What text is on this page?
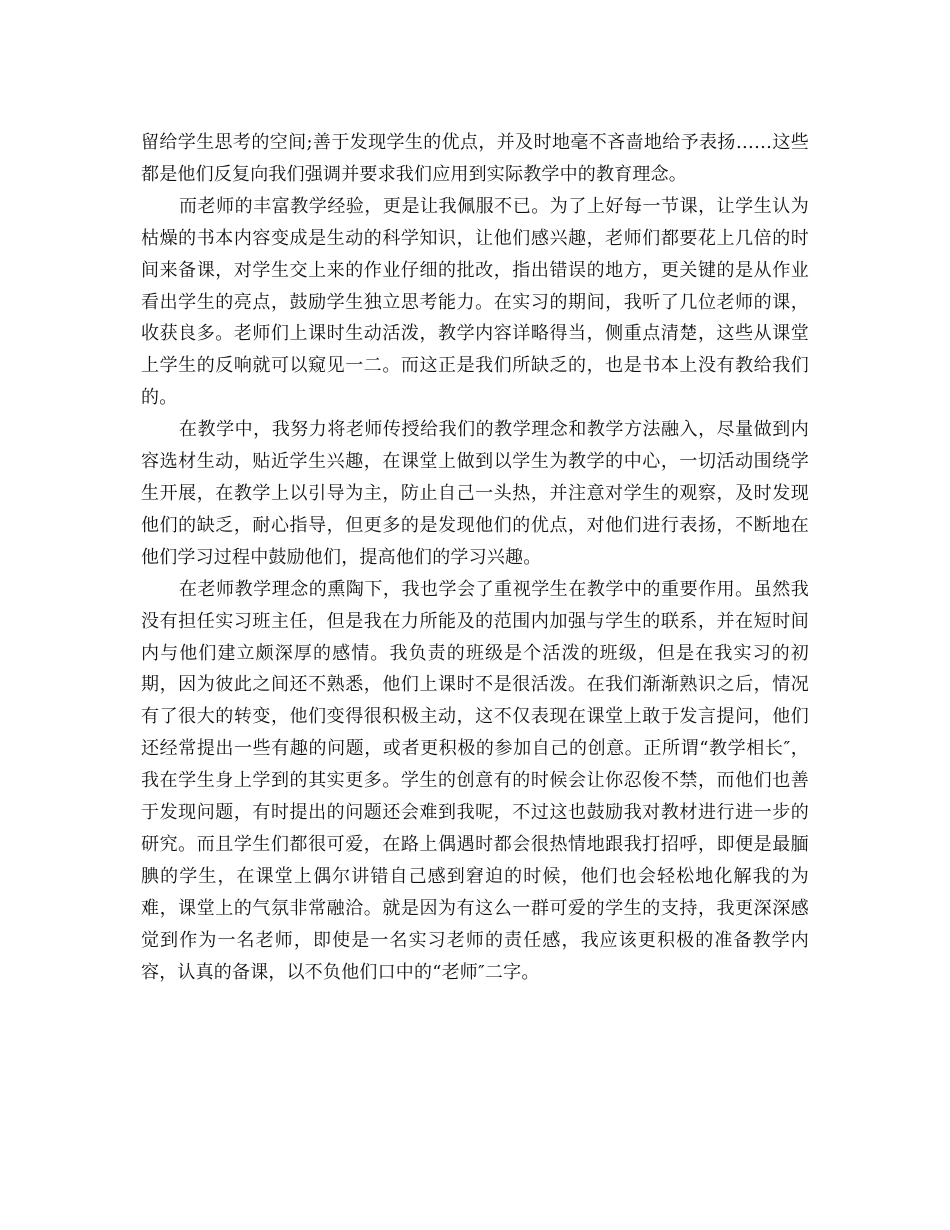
留给学生思考的空间;善于发现学生的优点，并及时地毫不吝啬地给予表扬……这些都是他们反复向我们强调并要求我们应用到实际教学中的教育理念。

而老师的丰富教学经验，更是让我佩服不已。为了上好每一节课，让学生认为枯燥的书本内容变成是生动的科学知识，让他们感兴趣，老师们都要花上几倍的时间来备课，对学生交上来的作业仔细的批改，指出错误的地方，更关键的是从作业看出学生的亮点，鼓励学生独立思考能力。在实习的期间，我听了几位老师的课，收获良多。老师们上课时生动活泼，教学内容详略得当，侧重点清楚，这些从课堂上学生的反响就可以窥见一二。而这正是我们所缺乏的，也是书本上没有教给我们的。

在教学中，我努力将老师传授给我们的教学理念和教学方法融入，尽量做到内容选材生动，贴近学生兴趣，在课堂上做到以学生为教学的中心，一切活动围绕学生开展，在教学上以引导为主，防止自己一头热，并注意对学生的观察，及时发现他们的缺乏，耐心指导，但更多的是发现他们的优点，对他们进行表扬，不断地在他们学习过程中鼓励他们，提高他们的学习兴趣。

在老师教学理念的熏陶下，我也学会了重视学生在教学中的重要作用。虽然我没有担任实习班主任，但是我在力所能及的范围内加强与学生的联系，并在短时间内与他们建立颇深厚的感情。我负责的班级是个活泼的班级，但是在我实习的初期，因为彼此之间还不熟悉，他们上课时不是很活泼。在我们渐渐熟识之后，情况有了很大的转变，他们变得很积极主动，这不仅表现在课堂上敢于发言提问，他们还经常提出一些有趣的问题，或者更积极的参加自己的创意。正所谓“教学相长″，我在学生身上学到的其实更多。学生的创意有的时候会让你忍俊不禁，而他们也善于发现问题，有时提出的问题还会难到我呢，不过这也鼓励我对教材进行进一步的研究。而且学生们都很可爱，在路上偶遇时都会很热情地跟我打招呼，即便是最腼腆的学生，在课堂上偶尔讲错自己感到窘迫的时候，他们也会轻松地化解我的为难，课堂上的气氛非常融洽。就是因为有这么一群可爱的学生的支持，我更深深感觉到作为一名老师，即使是一名实习老师的责任感，我应该更积极的准备教学内容，认真的备课，以不负他们口中的“老师″二字。
